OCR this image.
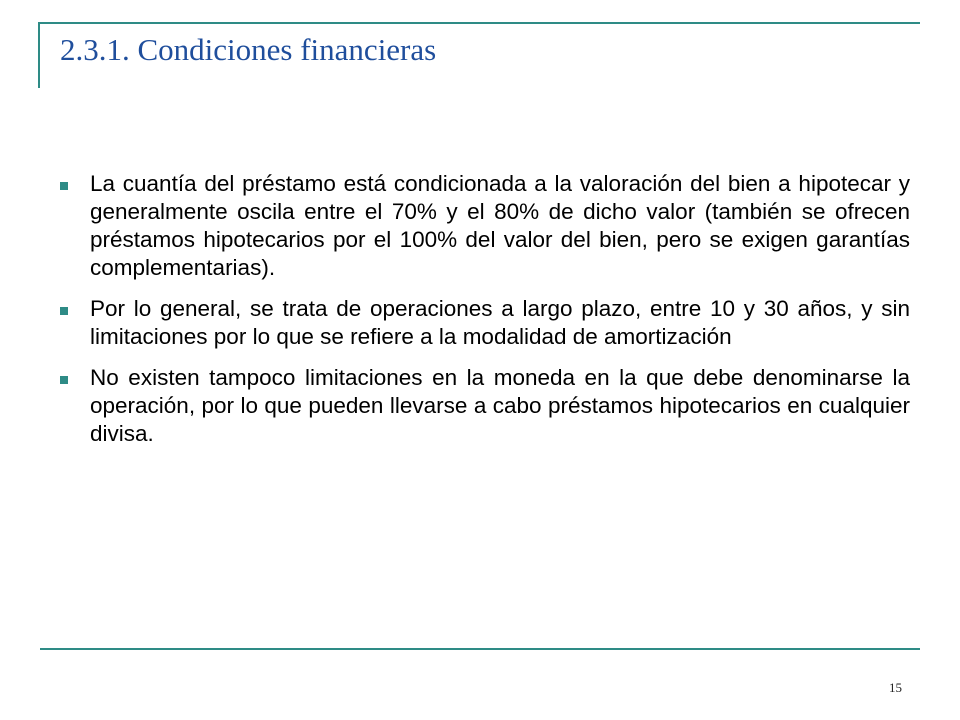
2.3.1. Condiciones financieras
La cuantía del préstamo está condicionada a la valoración del bien a hipotecar y generalmente oscila entre el 70% y el 80% de dicho valor (también se ofrecen préstamos hipotecarios por el 100% del valor del bien, pero se exigen garantías complementarias).
Por lo general, se trata de operaciones a largo plazo, entre 10 y 30 años, y sin limitaciones por lo que se refiere a la modalidad de amortización
No existen tampoco limitaciones en la moneda en la que debe denominarse la operación, por lo que pueden llevarse a cabo préstamos hipotecarios en cualquier divisa.
15
